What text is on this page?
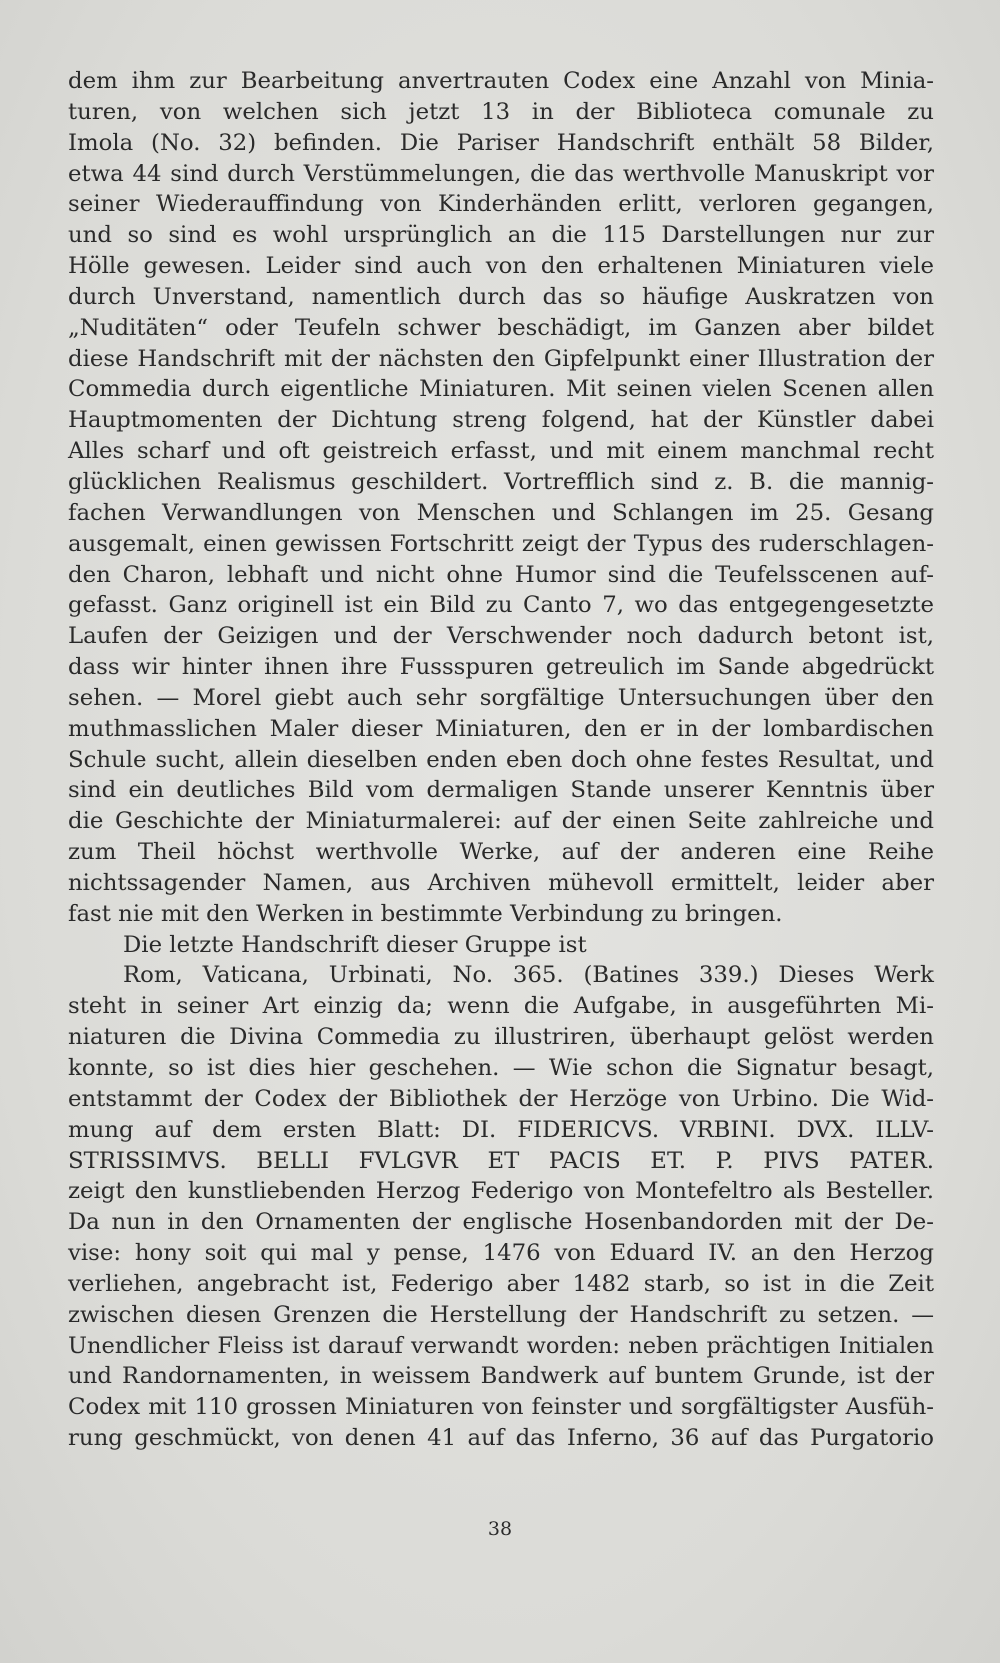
dem ihm zur Bearbeitung anvertrauten Codex eine Anzahl von Minia-
turen, von welchen sich jetzt 13 in der Biblioteca comunale zu
Imola (No. 32) befinden. Die Pariser Handschrift enthält 58 Bilder,
etwa 44 sind durch Verstümmelungen, die das werthvolle Manuskript vor
seiner Wiederauffindung von Kinderhänden erlitt, verloren gegangen,
und so sind es wohl ursprünglich an die 115 Darstellungen nur zur
Hölle gewesen. Leider sind auch von den erhaltenen Miniaturen viele
durch Unverstand, namentlich durch das so häufige Auskratzen von
„Nuditäten“ oder Teufeln schwer beschädigt, im Ganzen aber bildet
diese Handschrift mit der nächsten den Gipfelpunkt einer Illustration der
Commedia durch eigentliche Miniaturen. Mit seinen vielen Scenen allen
Hauptmomenten der Dichtung streng folgend, hat der Künstler dabei
Alles scharf und oft geistreich erfasst, und mit einem manchmal recht
glücklichen Realismus geschildert. Vortrefflich sind z. B. die mannig-
fachen Verwandlungen von Menschen und Schlangen im 25. Gesang
ausgemalt, einen gewissen Fortschritt zeigt der Typus des ruderschlagen-
den Charon, lebhaft und nicht ohne Humor sind die Teufelsscenen auf-
gefasst. Ganz originell ist ein Bild zu Canto 7, wo das entgegengesetzte
Laufen der Geizigen und der Verschwender noch dadurch betont ist,
dass wir hinter ihnen ihre Fussspuren getreulich im Sande abgedrückt
sehen. — Morel giebt auch sehr sorgfältige Untersuchungen über den
muthmasslichen Maler dieser Miniaturen, den er in der lombardischen
Schule sucht, allein dieselben enden eben doch ohne festes Resultat, und
sind ein deutliches Bild vom dermaligen Stande unserer Kenntnis über
die Geschichte der Miniaturmalerei: auf der einen Seite zahlreiche und
zum Theil höchst werthvolle Werke, auf der anderen eine Reihe
nichtssagender Namen, aus Archiven mühevoll ermittelt, leider aber
fast nie mit den Werken in bestimmte Verbindung zu bringen.
Die letzte Handschrift dieser Gruppe ist
Rom, Vaticana, Urbinati, No. 365. (Batines 339.) Dieses Werk
steht in seiner Art einzig da; wenn die Aufgabe, in ausgeführten Mi-
niaturen die Divina Commedia zu illustriren, überhaupt gelöst werden
konnte, so ist dies hier geschehen. — Wie schon die Signatur besagt,
entstammt der Codex der Bibliothek der Herzöge von Urbino. Die Wid-
mung auf dem ersten Blatt: DI. FIDERICVS. VRBINI. DVX. ILLV-
STRISSIMVS. BELLI FVLGVR ET PACIS ET. P. PIVS PATER.
zeigt den kunstliebenden Herzog Federigo von Montefeltro als Besteller.
Da nun in den Ornamenten der englische Hosenbandorden mit der De-
vise: hony soit qui mal y pense, 1476 von Eduard IV. an den Herzog
verliehen, angebracht ist, Federigo aber 1482 starb, so ist in die Zeit
zwischen diesen Grenzen die Herstellung der Handschrift zu setzen. —
Unendlicher Fleiss ist darauf verwandt worden: neben prächtigen Initialen
und Randornamenten, in weissem Bandwerk auf buntem Grunde, ist der
Codex mit 110 grossen Miniaturen von feinster und sorgfältigster Ausfüh-
rung geschmückt, von denen 41 auf das Inferno, 36 auf das Purgatorio
38
